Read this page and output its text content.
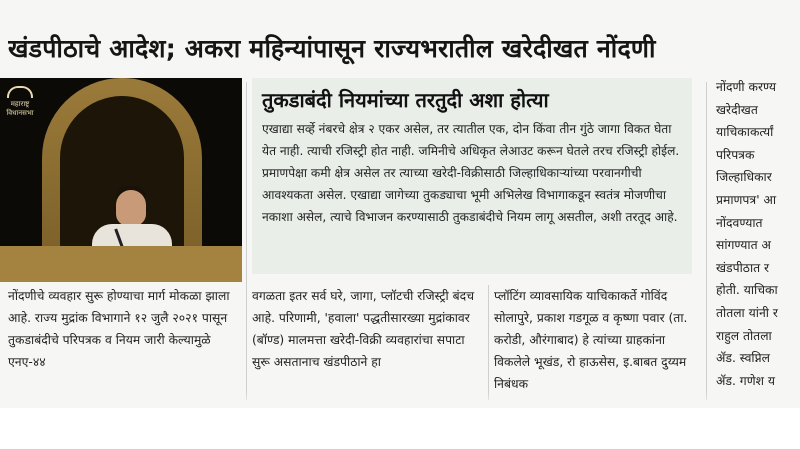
खंडपीठाचे आदेश; अकरा महिन्यांपासून राज्यभरातील खरेदीखत नोंदणी
महाराष्ट्र
विधानसभा
तुकडाबंदी नियमांच्या तरतुदी अशा होत्या

एखाद्या सर्व्हे नंबरचे क्षेत्र २ एकर असेल, तर त्यातील एक, दोन किंवा तीन गुंठे जागा विकत घेता येत नाही. त्याची रजिस्ट्री होत नाही. जमिनीचे अधिकृत लेआउट करून घेतले तरच रजिस्ट्री होईल. प्रमाणपेक्षा कमी क्षेत्र असेल तर त्याच्या खरेदी-विक्रीसाठी जिल्हाधिकाऱ्यांच्या परवानगीची आवश्यकता असेल. एखाद्या जागेच्या तुकड्याचा भूमी अभिलेख विभागाकडून स्वतंत्र मोजणीचा नकाशा असेल, त्याचे विभाजन करण्यासाठी तुकडाबंदीचे नियम लागू असतील, अशी तरतूद आहे.

नोंदणीचे व्यवहार सुरू होण्याचा मार्ग मोकळा झाला आहे. राज्य मुद्रांक विभागाने १२ जुलै २०२१ पासून तुकडाबंदीचे परिपत्रक व नियम जारी केल्यामुळे एनए-४४

वगळता इतर सर्व घरे, जागा, प्लॉटची रजिस्ट्री बंदच आहे. परिणामी, 'हवाला' पद्धतीसारख्या मुद्रांकावर (बॉण्ड) मालमत्ता खरेदी-विक्री व्यवहारांचा सपाटा सुरू असतानाच खंडपीठाने हा

प्लॉटिंग व्यावसायिक याचिकाकर्ते गोविंद सोलापुरे, प्रकाश गडगूळ व कृष्णा पवार (ता. करोडी, औरंगाबाद) हे त्यांच्या ग्राहकांना विकलेले भूखंड, रो हाऊसेस, इ.बाबत दुय्यम निबंधक

नोंदणी करण्य
खरेदीखत
याचिकाकर्त्यां
परिपत्रक
जिल्हाधिकार
प्रमाणपत्र' आ
नोंदवण्यात
सांगण्यात अ
खंडपीठात र
होती. याचिका
तोतला यांनी र
राहुल तोतला
ॲड. स्वप्निल
ॲड. गणेश य
